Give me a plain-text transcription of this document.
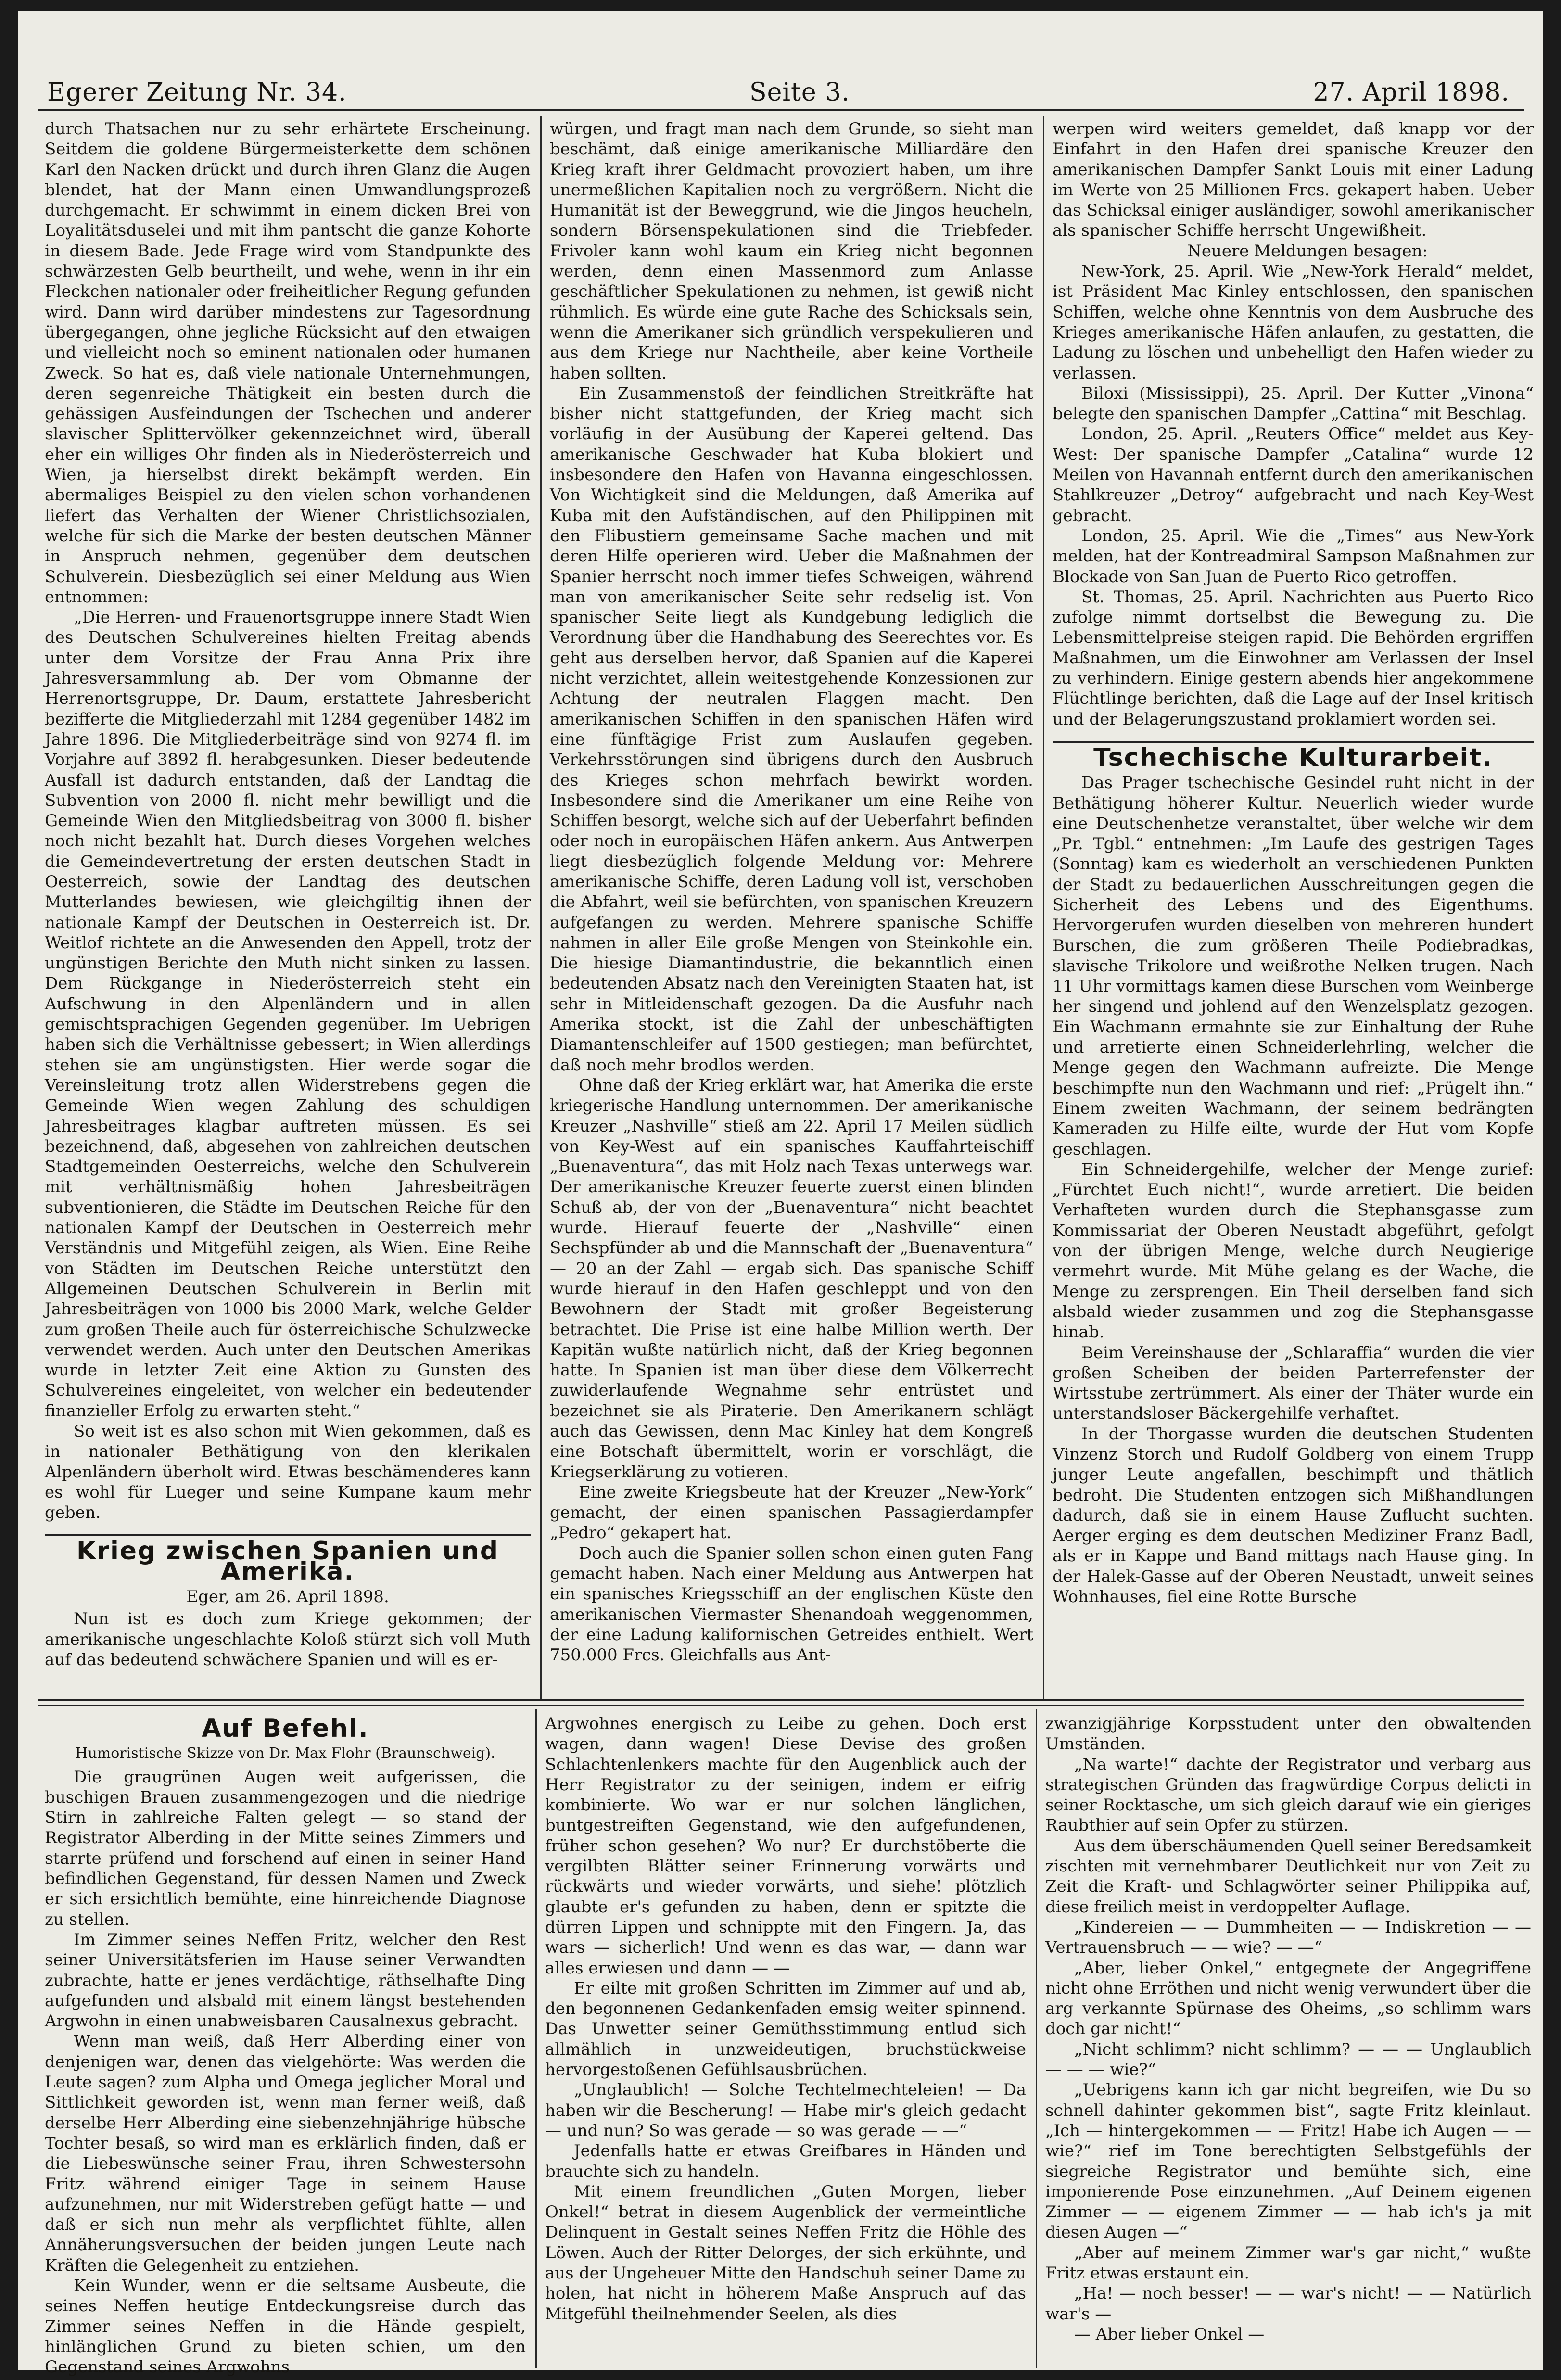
Egerer Zeitung Nr. 34.	Seite 3.	27. April 1898.

durch Thatsachen nur zu sehr erhärtete Erscheinung. Seitdem die goldene Bürgermeisterkette dem schönen Karl den Nacken drückt und durch ihren Glanz die Augen blendet, hat der Mann einen Umwandlungsprozeß durchgemacht. Er schwimmt in einem dicken Brei von Loyalitätsduselei und mit ihm pantscht die ganze Kohorte in diesem Bade. Jede Frage wird vom Standpunkte des schwärzesten Gelb beurtheilt, und wehe, wenn in ihr ein Fleckchen nationaler oder freiheitlicher Regung gefunden wird. Dann wird darüber mindestens zur Tagesordnung übergegangen, ohne jegliche Rücksicht auf den etwaigen und vielleicht noch so eminent nationalen oder humanen Zweck. So hat es, daß viele nationale Unternehmungen, deren segenreiche Thätigkeit ein besten durch die gehässigen Ausfeindungen der Tschechen und anderer slavischer Splittervölker gekennzeichnet wird, überall eher ein williges Ohr finden als in Niederösterreich und Wien, ja hierselbst direkt bekämpft werden. Ein abermaliges Beispiel zu den vielen schon vorhandenen liefert das Verhalten der Wiener Christlichsozialen, welche für sich die Marke der besten deutschen Männer in Anspruch nehmen, gegenüber dem deutschen Schulverein. Diesbezüglich sei einer Meldung aus Wien entnommen:

„Die Herren- und Frauenortsgruppe innere Stadt Wien des Deutschen Schulvereines hielten Freitag abends unter dem Vorsitze der Frau Anna Prix ihre Jahresversammlung ab. Der vom Obmanne der Herrenortsgruppe, Dr. Daum, erstattete Jahresbericht bezifferte die Mitgliederzahl mit 1284 gegenüber 1482 im Jahre 1896. Die Mitgliederbeiträge sind von 9274 fl. im Vorjahre auf 3892 fl. herabgesunken. Dieser bedeutende Ausfall ist dadurch entstanden, daß der Landtag die Subvention von 2000 fl. nicht mehr bewilligt und die Gemeinde Wien den Mitgliedsbeitrag von 3000 fl. bisher noch nicht bezahlt hat. Durch dieses Vorgehen welches die Gemeindevertretung der ersten deutschen Stadt in Oesterreich, sowie der Landtag des deutschen Mutterlandes bewiesen, wie gleichgiltig ihnen der nationale Kampf der Deutschen in Oesterreich ist. Dr. Weitlof richtete an die Anwesenden den Appell, trotz der ungünstigen Berichte den Muth nicht sinken zu lassen. Dem Rückgange in Niederösterreich steht ein Aufschwung in den Alpenländern und in allen gemischtsprachigen Gegenden gegenüber. Im Uebrigen haben sich die Verhältnisse gebessert; in Wien allerdings stehen sie am ungünstigsten. Hier werde sogar die Vereinsleitung trotz allen Widerstrebens gegen die Gemeinde Wien wegen Zahlung des schuldigen Jahresbeitrages klagbar auftreten müssen. Es sei bezeichnend, daß, abgesehen von zahlreichen deutschen Stadtgemeinden Oesterreichs, welche den Schulverein mit verhältnismäßig hohen Jahresbeiträgen subventionieren, die Städte im Deutschen Reiche für den nationalen Kampf der Deutschen in Oesterreich mehr Verständnis und Mitgefühl zeigen, als Wien. Eine Reihe von Städten im Deutschen Reiche unterstützt den Allgemeinen Deutschen Schulverein in Berlin mit Jahresbeiträgen von 1000 bis 2000 Mark, welche Gelder zum großen Theile auch für österreichische Schulzwecke verwendet werden. Auch unter den Deutschen Amerikas wurde in letzter Zeit eine Aktion zu Gunsten des Schulvereines eingeleitet, von welcher ein bedeutender finanzieller Erfolg zu erwarten steht.“

So weit ist es also schon mit Wien gekommen, daß es in nationaler Bethätigung von den klerikalen Alpenländern überholt wird. Etwas beschämenderes kann es wohl für Lueger und seine Kumpane kaum mehr geben.

Krieg zwischen Spanien und Amerika.
Eger, am 26. April 1898.

Nun ist es doch zum Kriege gekommen; der amerikanische ungeschlachte Koloß stürzt sich voll Muth auf das bedeutend schwächere Spanien und will es er-

würgen, und fragt man nach dem Grunde, so sieht man beschämt, daß einige amerikanische Milliardäre den Krieg kraft ihrer Geldmacht provoziert haben, um ihre unermeßlichen Kapitalien noch zu vergrößern. Nicht die Humanität ist der Beweggrund, wie die Jingos heucheln, sondern Börsenspekulationen sind die Triebfeder. Frivoler kann wohl kaum ein Krieg nicht begonnen werden, denn einen Massenmord zum Anlasse geschäftlicher Spekulationen zu nehmen, ist gewiß nicht rühmlich. Es würde eine gute Rache des Schicksals sein, wenn die Amerikaner sich gründlich verspekulieren und aus dem Kriege nur Nachtheile, aber keine Vortheile haben sollten.

Ein Zusammenstoß der feindlichen Streitkräfte hat bisher nicht stattgefunden, der Krieg macht sich vorläufig in der Ausübung der Kaperei geltend. Das amerikanische Geschwader hat Kuba blokiert und insbesondere den Hafen von Havanna eingeschlossen. Von Wichtigkeit sind die Meldungen, daß Amerika auf Kuba mit den Aufständischen, auf den Philippinen mit den Flibustiern gemeinsame Sache machen und mit deren Hilfe operieren wird. Ueber die Maßnahmen der Spanier herrscht noch immer tiefes Schweigen, während man von amerikanischer Seite sehr redselig ist. Von spanischer Seite liegt als Kundgebung lediglich die Verordnung über die Handhabung des Seerechtes vor. Es geht aus derselben hervor, daß Spanien auf die Kaperei nicht verzichtet, allein weitestgehende Konzessionen zur Achtung der neutralen Flaggen macht. Den amerikanischen Schiffen in den spanischen Häfen wird eine fünftägige Frist zum Auslaufen gegeben. Verkehrsstörungen sind übrigens durch den Ausbruch des Krieges schon mehrfach bewirkt worden. Insbesondere sind die Amerikaner um eine Reihe von Schiffen besorgt, welche sich auf der Ueberfahrt befinden oder noch in europäischen Häfen ankern. Aus Antwerpen liegt diesbezüglich folgende Meldung vor: Mehrere amerikanische Schiffe, deren Ladung voll ist, verschoben die Abfahrt, weil sie befürchten, von spanischen Kreuzern aufgefangen zu werden. Mehrere spanische Schiffe nahmen in aller Eile große Mengen von Steinkohle ein. Die hiesige Diamantindustrie, die bekanntlich einen bedeutenden Absatz nach den Vereinigten Staaten hat, ist sehr in Mitleidenschaft gezogen. Da die Ausfuhr nach Amerika stockt, ist die Zahl der unbeschäftigten Diamantenschleifer auf 1500 gestiegen; man befürchtet, daß noch mehr brodlos werden.

Ohne daß der Krieg erklärt war, hat Amerika die erste kriegerische Handlung unternommen. Der amerikanische Kreuzer „Nashville“ stieß am 22. April 17 Meilen südlich von Key-West auf ein spanisches Kauffahrteischiff „Buenaventura“, das mit Holz nach Texas unterwegs war. Der amerikanische Kreuzer feuerte zuerst einen blinden Schuß ab, der von der „Buenaventura“ nicht beachtet wurde. Hierauf feuerte der „Nashville“ einen Sechspfünder ab und die Mannschaft der „Buenaventura“ — 20 an der Zahl — ergab sich. Das spanische Schiff wurde hierauf in den Hafen geschleppt und von den Bewohnern der Stadt mit großer Begeisterung betrachtet. Die Prise ist eine halbe Million werth. Der Kapitän wußte natürlich nicht, daß der Krieg begonnen hatte. In Spanien ist man über diese dem Völkerrecht zuwiderlaufende Wegnahme sehr entrüstet und bezeichnet sie als Piraterie. Den Amerikanern schlägt auch das Gewissen, denn Mac Kinley hat dem Kongreß eine Botschaft übermittelt, worin er vorschlägt, die Kriegserklärung zu votieren.

Eine zweite Kriegsbeute hat der Kreuzer „New-York“ gemacht, der einen spanischen Passagierdampfer „Pedro“ gekapert hat.

Doch auch die Spanier sollen schon einen guten Fang gemacht haben. Nach einer Meldung aus Antwerpen hat ein spanisches Kriegsschiff an der englischen Küste den amerikanischen Viermaster Shenandoah weggenommen, der eine Ladung kalifornischen Getreides enthielt. Wert 750.000 Frcs. Gleichfalls aus Ant-

werpen wird weiters gemeldet, daß knapp vor der Einfahrt in den Hafen drei spanische Kreuzer den amerikanischen Dampfer Sankt Louis mit einer Ladung im Werte von 25 Millionen Frcs. gekapert haben. Ueber das Schicksal einiger ausländiger, sowohl amerikanischer als spanischer Schiffe herrscht Ungewißheit.

Neuere Meldungen besagen:

New-York, 25. April. Wie „New-York Herald“ meldet, ist Präsident Mac Kinley entschlossen, den spanischen Schiffen, welche ohne Kenntnis von dem Ausbruche des Krieges amerikanische Häfen anlaufen, zu gestatten, die Ladung zu löschen und unbehelligt den Hafen wieder zu verlassen.

Biloxi (Mississippi), 25. April. Der Kutter „Vinona“ belegte den spanischen Dampfer „Cattina“ mit Beschlag.

London, 25. April. „Reuters Office“ meldet aus Key-West: Der spanische Dampfer „Catalina“ wurde 12 Meilen von Havannah entfernt durch den amerikanischen Stahlkreuzer „Detroy“ aufgebracht und nach Key-West gebracht.

London, 25. April. Wie die „Times“ aus New-York melden, hat der Kontreadmiral Sampson Maßnahmen zur Blockade von San Juan de Puerto Rico getroffen.

St. Thomas, 25. April. Nachrichten aus Puerto Rico zufolge nimmt dortselbst die Bewegung zu. Die Lebensmittelpreise steigen rapid. Die Behörden ergriffen Maßnahmen, um die Einwohner am Verlassen der Insel zu verhindern. Einige gestern abends hier angekommene Flüchtlinge berichten, daß die Lage auf der Insel kritisch und der Belagerungszustand proklamiert worden sei.

Tschechische Kulturarbeit.

Das Prager tschechische Gesindel ruht nicht in der Bethätigung höherer Kultur. Neuerlich wieder wurde eine Deutschenhetze veranstaltet, über welche wir dem „Pr. Tgbl.“ entnehmen: „Im Laufe des gestrigen Tages (Sonntag) kam es wiederholt an verschiedenen Punkten der Stadt zu bedauerlichen Ausschreitungen gegen die Sicherheit des Lebens und des Eigenthums. Hervorgerufen wurden dieselben von mehreren hundert Burschen, die zum größeren Theile Podiebradkas, slavische Trikolore und weißrothe Nelken trugen. Nach 11 Uhr vormittags kamen diese Burschen vom Weinberge her singend und johlend auf den Wenzelsplatz gezogen. Ein Wachmann ermahnte sie zur Einhaltung der Ruhe und arretierte einen Schneiderlehrling, welcher die Menge gegen den Wachmann aufreizte. Die Menge beschimpfte nun den Wachmann und rief: „Prügelt ihn.“ Einem zweiten Wachmann, der seinem bedrängten Kameraden zu Hilfe eilte, wurde der Hut vom Kopfe geschlagen.

Ein Schneidergehilfe, welcher der Menge zurief: „Fürchtet Euch nicht!“, wurde arretiert. Die beiden Verhafteten wurden durch die Stephansgasse zum Kommissariat der Oberen Neustadt abgeführt, gefolgt von der übrigen Menge, welche durch Neugierige vermehrt wurde. Mit Mühe gelang es der Wache, die Menge zu zersprengen. Ein Theil derselben fand sich alsbald wieder zusammen und zog die Stephansgasse hinab.

Beim Vereinshause der „Schlaraffia“ wurden die vier großen Scheiben der beiden Parterrefenster der Wirtsstube zertrümmert. Als einer der Thäter wurde ein unterstandsloser Bäckergehilfe verhaftet.

In der Thorgasse wurden die deutschen Studenten Vinzenz Storch und Rudolf Goldberg von einem Trupp junger Leute angefallen, beschimpft und thätlich bedroht. Die Studenten entzogen sich Mißhandlungen dadurch, daß sie in einem Hause Zuflucht suchten. Aerger erging es dem deutschen Mediziner Franz Badl, als er in Kappe und Band mittags nach Hause ging. In der Halek-Gasse auf der Oberen Neustadt, unweit seines Wohnhauses, fiel eine Rotte Bursche

Auf Befehl.
Humoristische Skizze von Dr. Max Flohr (Braunschweig).

Die graugrünen Augen weit aufgerissen, die buschigen Brauen zusammengezogen und die niedrige Stirn in zahlreiche Falten gelegt — so stand der Registrator Alberding in der Mitte seines Zimmers und starrte prüfend und forschend auf einen in seiner Hand befindlichen Gegenstand, für dessen Namen und Zweck er sich ersichtlich bemühte, eine hinreichende Diagnose zu stellen.

Im Zimmer seines Neffen Fritz, welcher den Rest seiner Universitätsferien im Hause seiner Verwandten zubrachte, hatte er jenes verdächtige, räthselhafte Ding aufgefunden und alsbald mit einem längst bestehenden Argwohn in einen unabweisbaren Causalnexus gebracht.

Wenn man weiß, daß Herr Alberding einer von denjenigen war, denen das vielgehörte: Was werden die Leute sagen? zum Alpha und Omega jeglicher Moral und Sittlichkeit geworden ist, wenn man ferner weiß, daß derselbe Herr Alberding eine siebenzehnjährige hübsche Tochter besaß, so wird man es erklärlich finden, daß er die Liebeswünsche seiner Frau, ihren Schwestersohn Fritz während einiger Tage in seinem Hause aufzunehmen, nur mit Widerstreben gefügt hatte — und daß er sich nun mehr als verpflichtet fühlte, allen Annäherungsversuchen der beiden jungen Leute nach Kräften die Gelegenheit zu entziehen.

Kein Wunder, wenn er die seltsame Ausbeute, die seines Neffen heutige Entdeckungsreise durch das Zimmer seines Neffen in die Hände gespielt, hinlänglichen Grund zu bieten schien, um den Gegenstand seines Argwohns

Argwohnes energisch zu Leibe zu gehen. Doch erst wagen, dann wagen! Diese Devise des großen Schlachtenlenkers machte für den Augenblick auch der Herr Registrator zu der seinigen, indem er eifrig kombinierte. Wo war er nur solchen länglichen, buntgestreiften Gegenstand, wie den aufgefundenen, früher schon gesehen? Wo nur? Er durchstöberte die vergilbten Blätter seiner Erinnerung vorwärts und rückwärts und wieder vorwärts, und siehe! plötzlich glaubte er's gefunden zu haben, denn er spitzte die dürren Lippen und schnippte mit den Fingern. Ja, das wars — sicherlich! Und wenn es das war, — dann war alles erwiesen und dann — —

Er eilte mit großen Schritten im Zimmer auf und ab, den begonnenen Gedankenfaden emsig weiter spinnend. Das Unwetter seiner Gemüthsstimmung entlud sich allmählich in unzweideutigen, bruchstückweise hervorgestoßenen Gefühlsausbrüchen.

„Unglaublich! — Solche Techtelmechteleien! — Da haben wir die Bescherung! — Habe mir's gleich gedacht — und nun? So was gerade — so was gerade — —“

Jedenfalls hatte er etwas Greifbares in Händen und brauchte sich zu handeln.

Mit einem freundlichen „Guten Morgen, lieber Onkel!“ betrat in diesem Augenblick der vermeintliche Delinquent in Gestalt seines Neffen Fritz die Höhle des Löwen. Auch der Ritter Delorges, der sich erkühnte, und aus der Ungeheuer Mitte den Handschuh seiner Dame zu holen, hat nicht in höherem Maße Anspruch auf das Mitgefühl theilnehmender Seelen, als dies

zwanzigjährige Korpsstudent unter den obwaltenden Umständen.

„Na warte!“ dachte der Registrator und verbarg aus strategischen Gründen das fragwürdige Corpus delicti in seiner Rocktasche, um sich gleich darauf wie ein gieriges Raubthier auf sein Opfer zu stürzen.

Aus dem überschäumenden Quell seiner Beredsamkeit zischten mit vernehmbarer Deutlichkeit nur von Zeit zu Zeit die Kraft- und Schlagwörter seiner Philippika auf, diese freilich meist in verdoppelter Auflage.

„Kindereien — — Dummheiten — — Indiskretion — — Vertrauensbruch — — wie? — —“

„Aber, lieber Onkel,“ entgegnete der Angegriffene nicht ohne Erröthen und nicht wenig verwundert über die arg verkannte Spürnase des Oheims, „so schlimm wars doch gar nicht!“

„Nicht schlimm? nicht schlimm? — — — Unglaublich — — — wie?“

„Uebrigens kann ich gar nicht begreifen, wie Du so schnell dahinter gekommen bist“, sagte Fritz kleinlaut. „Ich — hintergekommen — — Fritz! Habe ich Augen — — wie?“ rief im Tone berechtigten Selbstgefühls der siegreiche Registrator und bemühte sich, eine imponierende Pose einzunehmen. „Auf Deinem eigenen Zimmer — — eigenem Zimmer — — hab ich's ja mit diesen Augen —“

„Aber auf meinem Zimmer war's gar nicht,“ wußte Fritz etwas erstaunt ein.

„Ha! — noch besser! — — war's nicht! — — Natürlich war's —

— Aber lieber Onkel —
